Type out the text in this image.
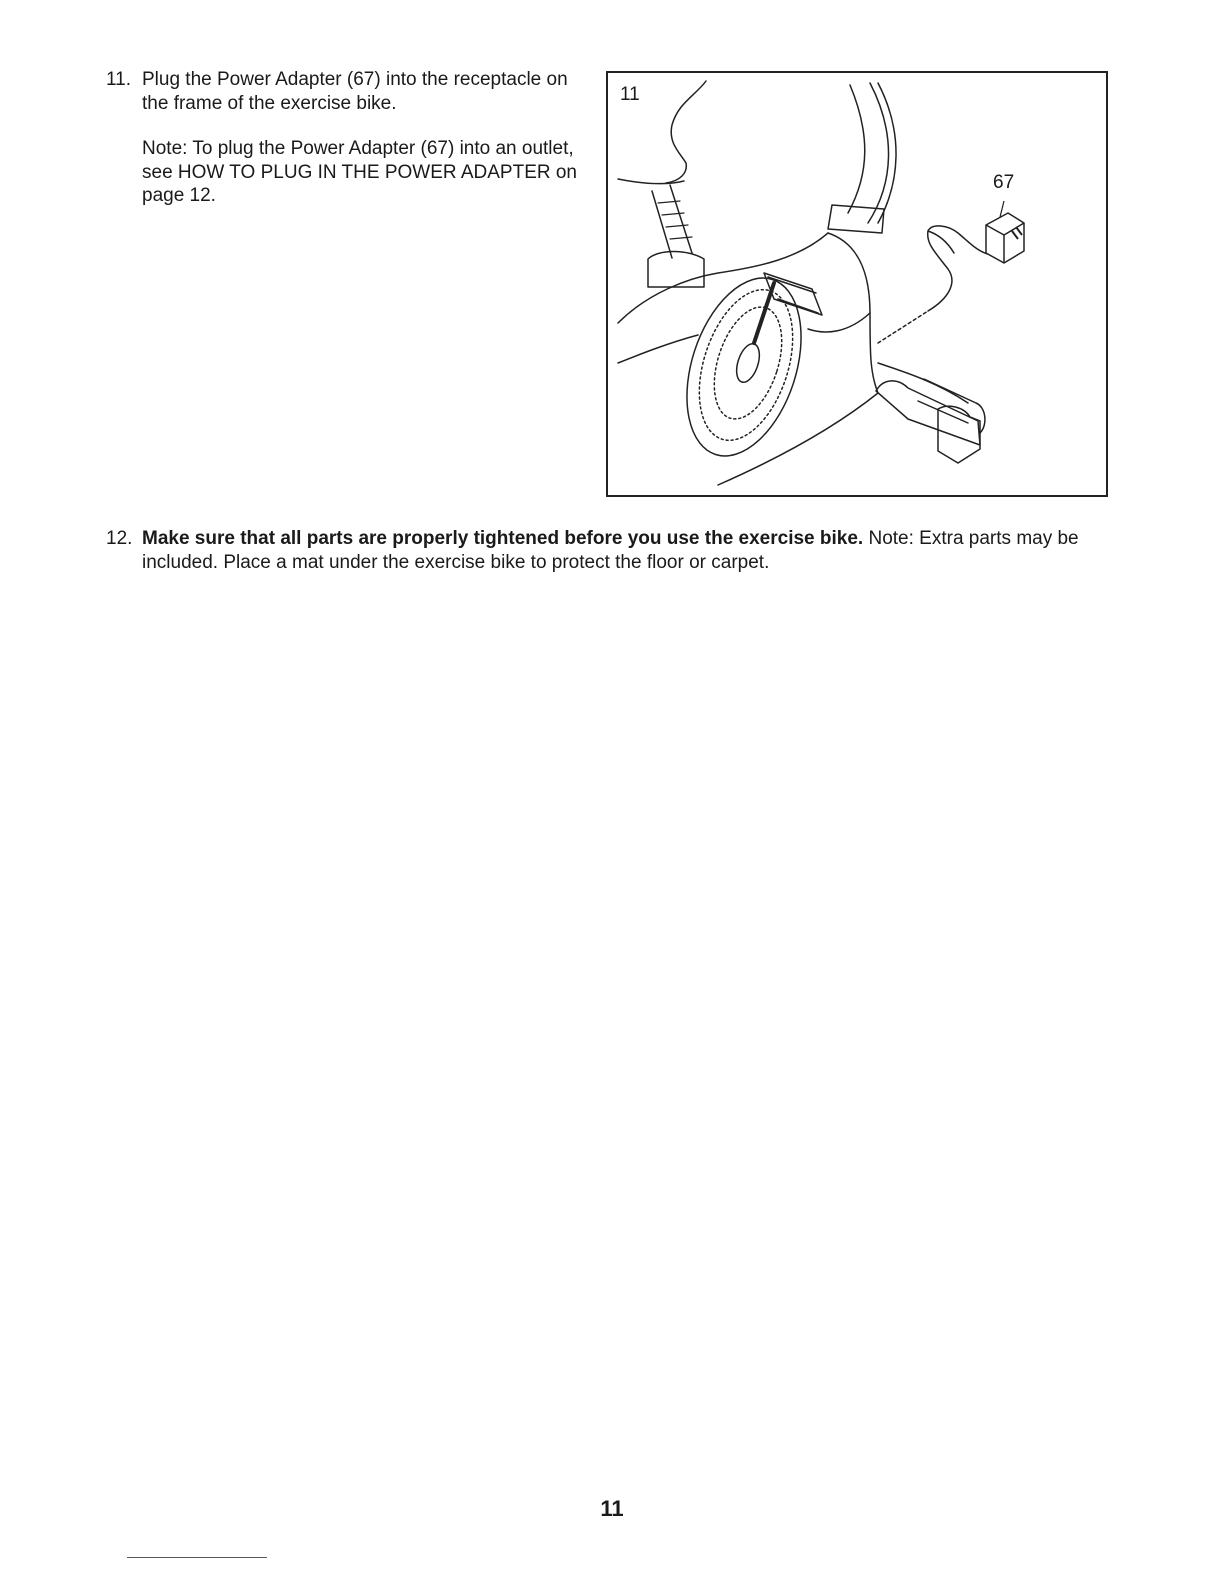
11. Plug the Power Adapter (67) into the receptacle on the frame of the exercise bike.

Note: To plug the Power Adapter (67) into an outlet, see HOW TO PLUG IN THE POWER ADAPTER on page 12.

11
67
12. Make sure that all parts are properly tightened before you use the exercise bike. Note: Extra parts may be included. Place a mat under the exercise bike to protect the floor or carpet.

11
